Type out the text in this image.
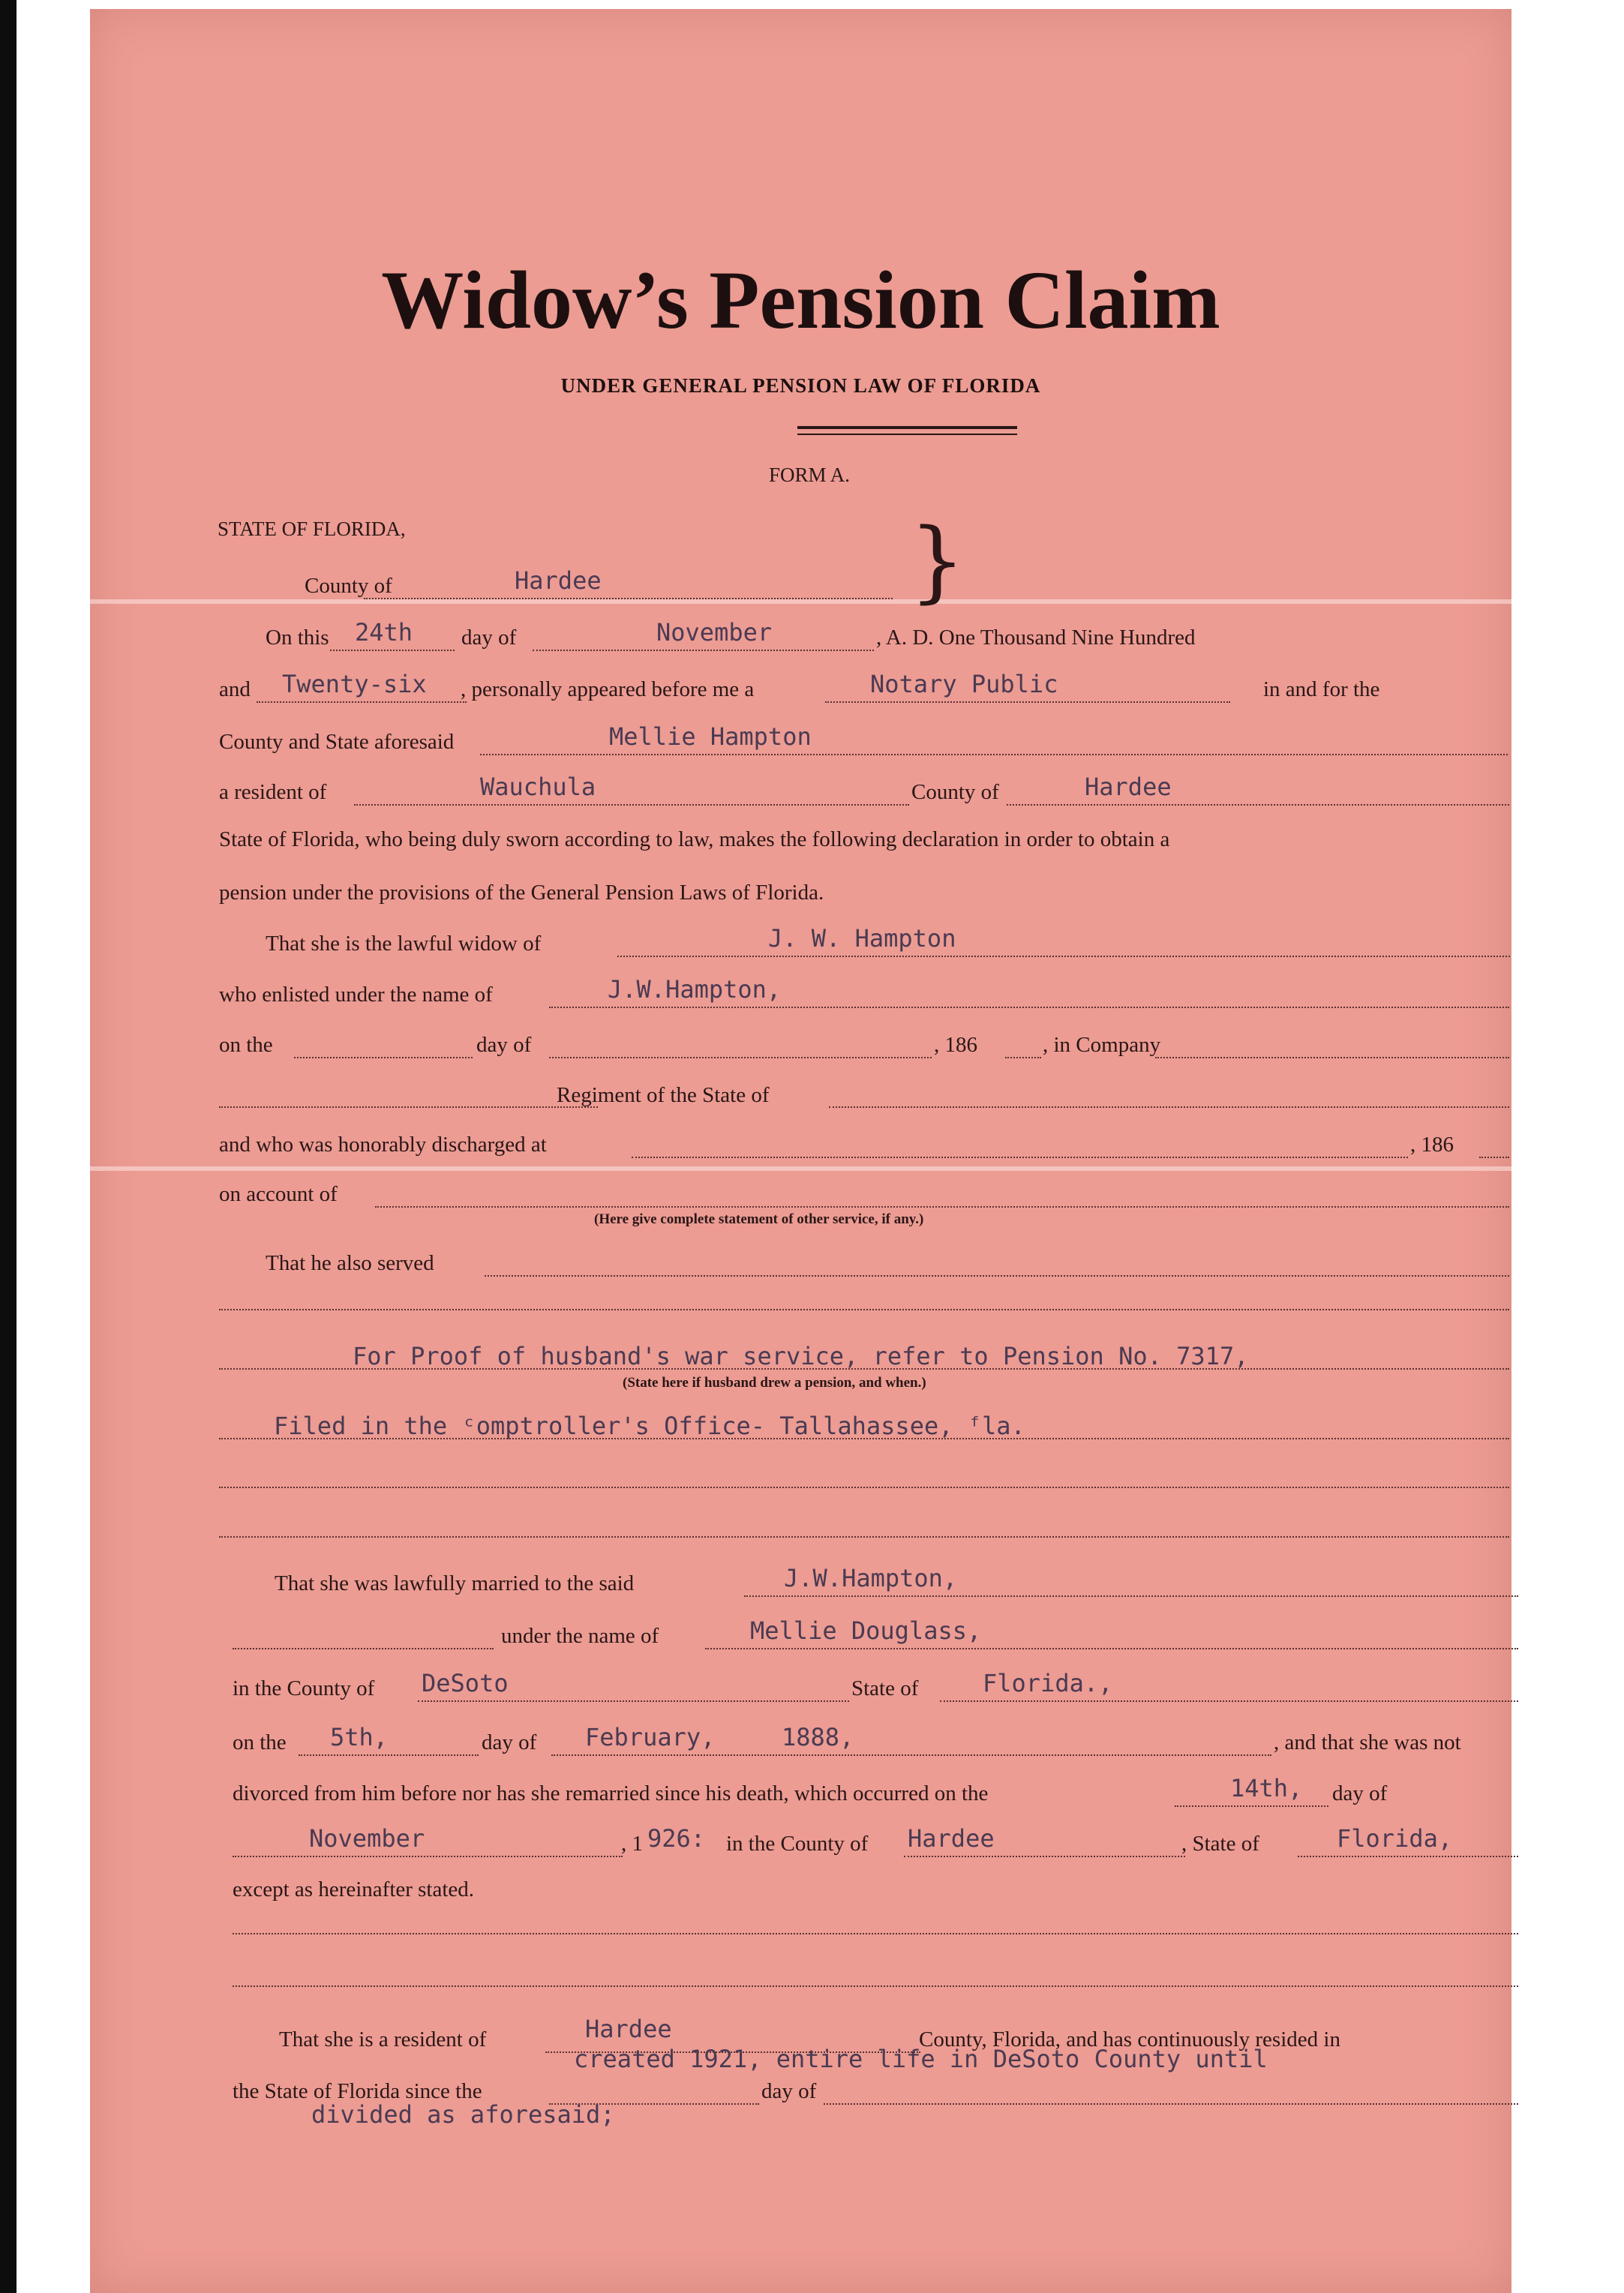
Widow’s Pension Claim
UNDER GENERAL PENSION LAW OF FLORIDA
FORM A.
STATE OF FLORIDA,	}
County of	Hardee
On this 24th day of	November	, A. D. One Thousand Nine Hundred
and Twenty-six , personally appeared before me a	Notary Public	in and for the
County and State aforesaid	Mellie Hampton
a resident of	Wauchula	County of	Hardee
State of Florida, who being duly sworn according to law, makes the following declaration in order to obtain a
pension under the provisions of the General Pension Laws of Florida.
That she is the lawful widow of	J. W. Hampton
who enlisted under the name of	J.W.Hampton,
on the	day of	, 186	, in Company
Regiment of the State of
and who was honorably discharged at	, 186
on account of
(Here give complete statement of other service, if any.)
That he also served
For Proof of husband's war service, refer to Pension No. 7317,
(State here if husband drew a pension, and when.)
Filed in the ᶜomptroller's Office- Tallahassee, ᶠla.
That she was lawfully married to the said	J.W.Hampton,
under the name of	Mellie Douglass,
in the County of DeSoto	State of	Florida.,
on the 5th,	day of February,	1888,	, and that she was not
divorced from him before nor has she remarried since his death, which occurred on the	14th, day of
November	, 1 926: in the County of Hardee	, State of	Florida,
except as hereinafter stated.
That she is a resident of	Hardee	County, Florida, and has continuously resided in
created 1921, entire life in DeSoto County until
the State of Florida since the	day of
divided as aforesaid;
